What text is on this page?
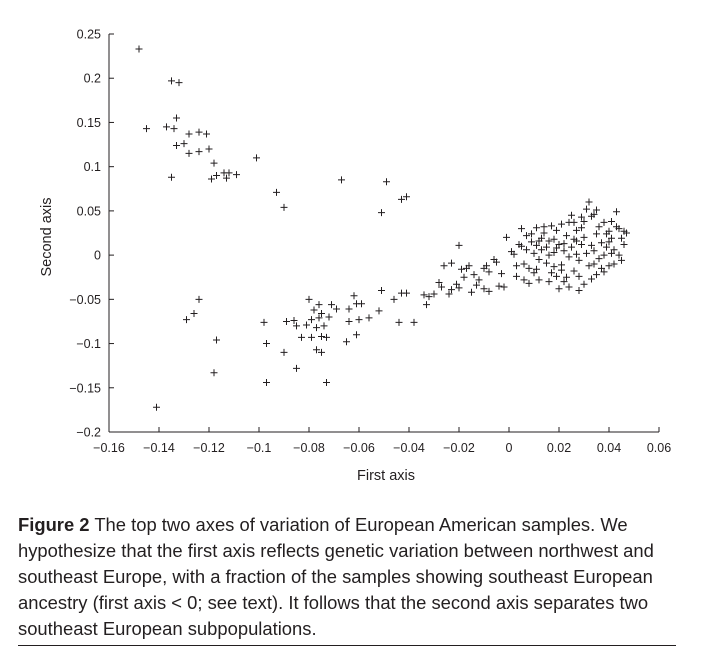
−0.16 −0.14 −0.12 −0.1 −0.08 −0.06 −0.04 −0.02 0	0.02 0.04 0.06
−0.2
−0.15
−0.1
−0.05
0
0.05
0.1
0.15
0.2
0.25
First axis
Second axis
Figure 2 The top two axes of variation of European American samples. We hypothesize that the first axis reflects genetic variation between northwest and southeast Europe, with a fraction of the samples showing southeast European ancestry (first axis < 0; see text). It follows that the second axis separates two southeast European subpopulations.
